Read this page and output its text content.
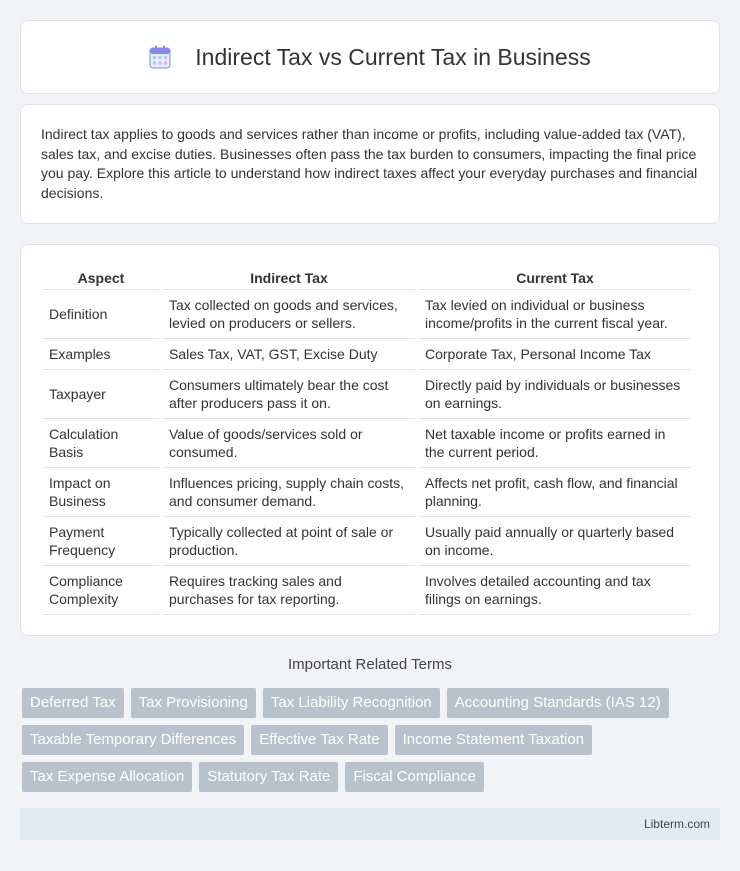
Indirect Tax vs Current Tax in Business

Indirect tax applies to goods and services rather than income or profits, including value-added tax (VAT), sales tax, and excise duties. Businesses often pass the tax burden to consumers, impacting the final price you pay. Explore this article to understand how indirect taxes affect your everyday purchases and financial decisions.

Aspect	Indirect Tax	Current Tax
Definition	Tax collected on goods and services, levied on producers or sellers.	Tax levied on individual or business income/profits in the current fiscal year.
Examples	Sales Tax, VAT, GST, Excise Duty	Corporate Tax, Personal Income Tax
Taxpayer	Consumers ultimately bear the cost after producers pass it on.	Directly paid by individuals or businesses on earnings.
Calculation Basis	Value of goods/services sold or consumed.	Net taxable income or profits earned in the current period.
Impact on Business	Influences pricing, supply chain costs, and consumer demand.	Affects net profit, cash flow, and financial planning.
Payment Frequency	Typically collected at point of sale or production.	Usually paid annually or quarterly based on income.
Compliance Complexity	Requires tracking sales and purchases for tax reporting.	Involves detailed accounting and tax filings on earnings.
Important Related Terms
Deferred Tax	Tax Provisioning	Tax Liability Recognition	Accounting Standards (IAS 12)
Taxable Temporary Differences	Effective Tax Rate	Income Statement Taxation
Tax Expense Allocation	Statutory Tax Rate	Fiscal Compliance
Libterm.com
